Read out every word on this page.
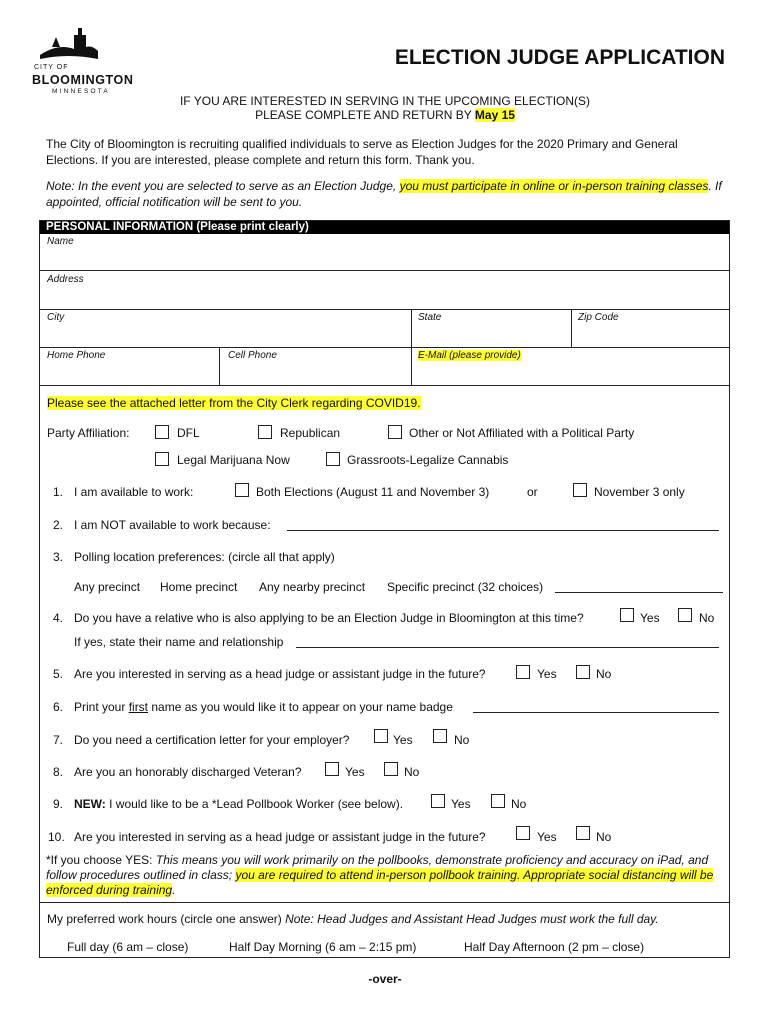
CITY OF
BLOOMINGTON
MINNESOTA
ELECTION JUDGE APPLICATION
IF YOU ARE INTERESTED IN SERVING IN THE UPCOMING ELECTION(S)
PLEASE COMPLETE AND RETURN BY May 15
The City of Bloomington is recruiting qualified individuals to serve as Election Judges for the 2020 Primary and General Elections. If you are interested, please complete and return this form. Thank you.
Note: In the event you are selected to serve as an Election Judge, you must participate in online or in-person training classes. If appointed, official notification will be sent to you.
PERSONAL INFORMATION (Please print clearly)
Name
Address
City	State	Zip Code
Home Phone	Cell Phone	E-Mail (please provide)
Please see the attached letter from the City Clerk regarding COVID19.
Party Affiliation:	DFL	Republican	Other or Not Affiliated with a Political Party
Legal Marijuana Now	Grassroots-Legalize Cannabis
1. I am available to work:	Both Elections (August 11 and November 3)	or	November 3 only
2. I am NOT available to work because:
3. Polling location preferences: (circle all that apply)
Any precinct Home precinct Any nearby precinct Specific precinct (32 choices)
4. Do you have a relative who is also applying to be an Election Judge in Bloomington at this time?	Yes	No
If yes, state their name and relationship
5. Are you interested in serving as a head judge or assistant judge in the future?	Yes	No
6. Print your first name as you would like it to appear on your name badge
7. Do you need a certification letter for your employer?	Yes	No
8. Are you an honorably discharged Veteran?	Yes	No
9. NEW: I would like to be a *Lead Pollbook Worker (see below).	Yes	No
10. Are you interested in serving as a head judge or assistant judge in the future?	Yes	No
*If you choose YES: This means you will work primarily on the pollbooks, demonstrate proficiency and accuracy on iPad, and follow procedures outlined in class; you are required to attend in-person pollbook training. Appropriate social distancing will be enforced during training.
My preferred work hours (circle one answer) Note: Head Judges and Assistant Head Judges must work the full day.
Full day (6 am – close)	Half Day Morning (6 am – 2:15 pm)	Half Day Afternoon (2 pm – close)
-over-
